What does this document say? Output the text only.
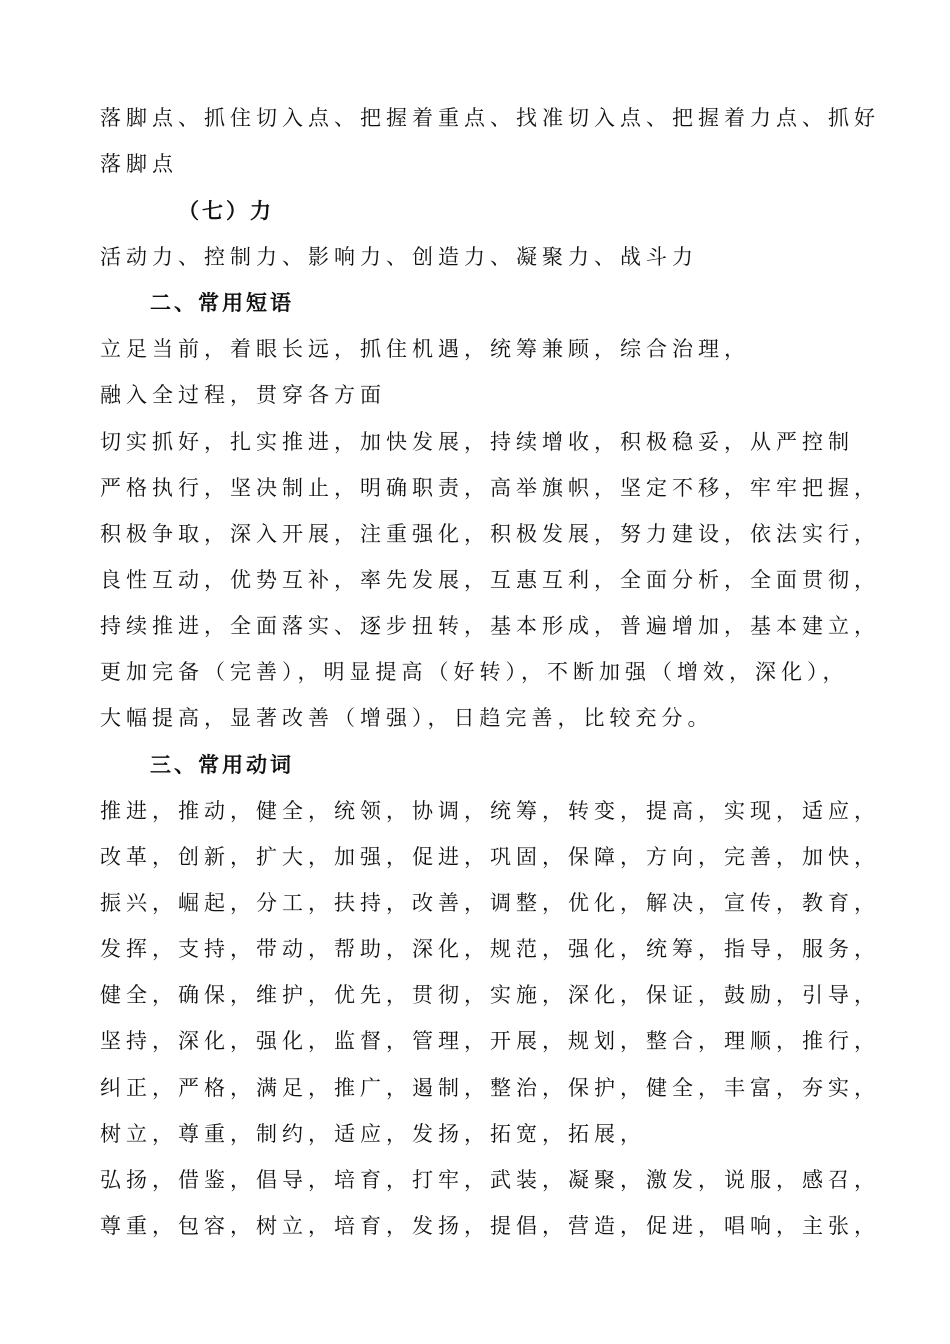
落脚点、抓住切入点、把握着重点、找准切入点、把握着力点、抓好
落脚点
（七）力
活动力、控制力、影响力、创造力、凝聚力、战斗力
二、常用短语
立足当前，着眼长远，抓住机遇，统筹兼顾，综合治理，
融入全过程，贯穿各方面
切实抓好，扎实推进，加快发展，持续增收，积极稳妥，从严控制
严格执行，坚决制止，明确职责，高举旗帜，坚定不移，牢牢把握，
积极争取，深入开展，注重强化，积极发展，努力建设，依法实行，
良性互动，优势互补，率先发展，互惠互利，全面分析，全面贯彻，
持续推进，全面落实、逐步扭转，基本形成，普遍增加，基本建立，
更加完备（完善），明显提高（好转），不断加强（增效，深化），
大幅提高，显著改善（增强），日趋完善，比较充分。
三、常用动词
推进，推动，健全，统领，协调，统筹，转变，提高，实现，适应，
改革，创新，扩大，加强，促进，巩固，保障，方向，完善，加快，
振兴，崛起，分工，扶持，改善，调整，优化，解决，宣传，教育，
发挥，支持，带动，帮助，深化，规范，强化，统筹，指导，服务，
健全，确保，维护，优先，贯彻，实施，深化，保证，鼓励，引导，
坚持，深化，强化，监督，管理，开展，规划，整合，理顺，推行，
纠正，严格，满足，推广，遏制，整治，保护，健全，丰富，夯实，
树立，尊重，制约，适应，发扬，拓宽，拓展，
弘扬，借鉴，倡导，培育，打牢，武装，凝聚，激发，说服，感召，
尊重，包容，树立，培育，发扬，提倡，营造，促进，唱响，主张，
